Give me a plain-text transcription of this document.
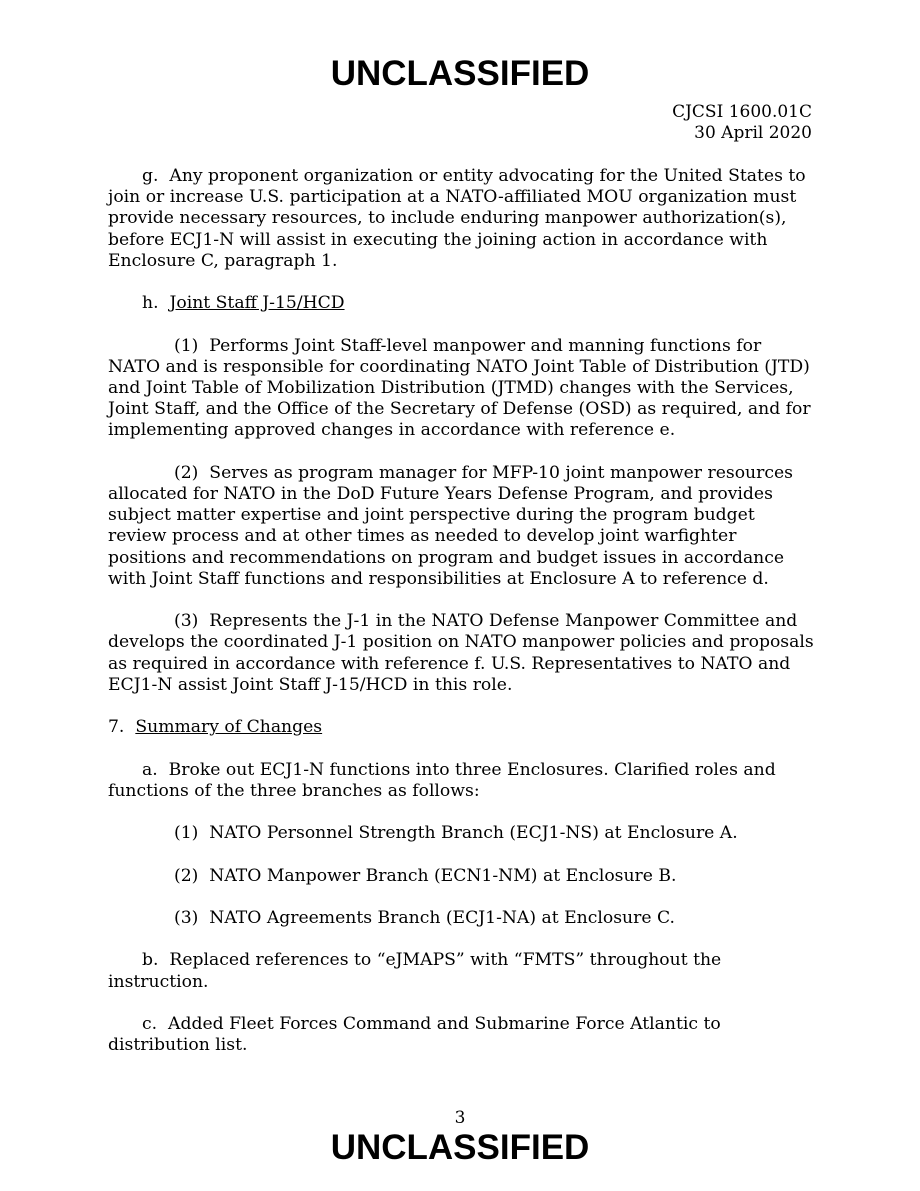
UNCLASSIFIED
CJCSI 1600.01C
30 April 2020

g. Any proponent organization or entity advocating for the United States to join or increase U.S. participation at a NATO-affiliated MOU organization must provide necessary resources, to include enduring manpower authorization(s), before ECJ1-N will assist in executing the joining action in accordance with Enclosure C, paragraph 1.

h. Joint Staff J-15/HCD

(1) Performs Joint Staff-level manpower and manning functions for NATO and is responsible for coordinating NATO Joint Table of Distribution (JTD) and Joint Table of Mobilization Distribution (JTMD) changes with the Services, Joint Staff, and the Office of the Secretary of Defense (OSD) as required, and for implementing approved changes in accordance with reference e.

(2) Serves as program manager for MFP-10 joint manpower resources allocated for NATO in the DoD Future Years Defense Program, and provides subject matter expertise and joint perspective during the program budget review process and at other times as needed to develop joint warfighter positions and recommendations on program and budget issues in accordance with Joint Staff functions and responsibilities at Enclosure A to reference d.

(3) Represents the J-1 in the NATO Defense Manpower Committee and develops the coordinated J-1 position on NATO manpower policies and proposals as required in accordance with reference f. U.S. Representatives to NATO and ECJ1-N assist Joint Staff J-15/HCD in this role.

7. Summary of Changes

a. Broke out ECJ1-N functions into three Enclosures. Clarified roles and functions of the three branches as follows:

(1) NATO Personnel Strength Branch (ECJ1-NS) at Enclosure A.

(2) NATO Manpower Branch (ECN1-NM) at Enclosure B.

(3) NATO Agreements Branch (ECJ1-NA) at Enclosure C.

b. Replaced references to “eJMAPS” with “FMTS” throughout the instruction.

c. Added Fleet Forces Command and Submarine Force Atlantic to distribution list.

3
UNCLASSIFIED
